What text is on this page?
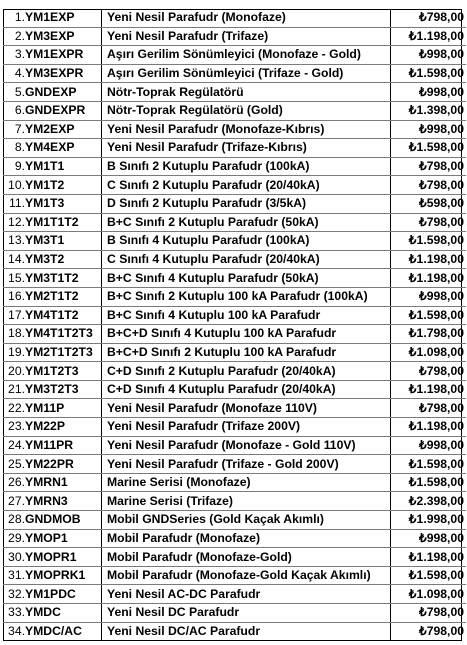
1.	YM1EXP	Yeni Nesil Parafudr (Monofaze)	₺798,00
2.	YM3EXP	Yeni Nesil Parafudr (Trifaze)	₺1.198,00
3.	YM1EXPR	Aşırı Gerilim Sönümleyici (Monofaze - Gold)	₺998,00
4.	YM3EXPR	Aşırı Gerilim Sönümleyici (Trifaze - Gold)	₺1.598,00
5.	GNDEXP	Nötr-Toprak Regülatörü	₺998,00
6.	GNDEXPR	Nötr-Toprak Regülatörü (Gold)	₺1.398,00
7.	YM2EXP	Yeni Nesil Parafudr (Monofaze-Kıbrıs)	₺998,00
8.	YM4EXP	Yeni Nesil Parafudr (Trifaze-Kıbrıs)	₺1.598,00
9.	YM1T1	B Sınıfı 2 Kutuplu Parafudr (100kA)	₺798,00
10.	YM1T2	C Sınıfı 2 Kutuplu Parafudr (20/40kA)	₺798,00
11.	YM1T3	D Sınıfı 2 Kutuplu Parafudr (3/5kA)	₺598,00
12.	YM1T1T2	B+C Sınıfı 2 Kutuplu Parafudr (50kA)	₺798,00
13.	YM3T1	B Sınıfı 4 Kutuplu Parafudr (100kA)	₺1.598,00
14.	YM3T2	C Sınıfı 4 Kutuplu Parafudr (20/40kA)	₺1.198,00
15.	YM3T1T2	B+C Sınıfı 4 Kutuplu Parafudr (50kA)	₺1.198,00
16.	YM2T1T2	B+C Sınıfı 2 Kutuplu 100 kA Parafudr (100kA)	₺998,00
17.	YM4T1T2	B+C Sınıfı 4 Kutuplu 100 kA Parafudr	₺1.598,00
18.	YM4T1T2T3	B+C+D Sınıfı 4 Kutuplu 100 kA Parafudr	₺1.798,00
19.	YM2T1T2T3	B+C+D Sınıfı 2 Kutuplu 100 kA Parafudr	₺1.098,00
20.	YM1T2T3	C+D Sınıfı 2 Kutuplu Parafudr (20/40kA)	₺798,00
21.	YM3T2T3	C+D Sınıfı 4 Kutuplu Parafudr (20/40kA)	₺1.198,00
22.	YM11P	Yeni Nesil Parafudr (Monofaze 110V)	₺798,00
23.	YM22P	Yeni Nesil Parafudr (Trifaze 200V)	₺1.198,00
24.	YM11PR	Yeni Nesil Parafudr (Monofaze - Gold 110V)	₺998,00
25.	YM22PR	Yeni Nesil Parafudr (Trifaze - Gold 200V)	₺1.598,00
26.	YMRN1	Marine Serisi (Monofaze)	₺1.598,00
27.	YMRN3	Marine Serisi (Trifaze)	₺2.398,00
28.	GNDMOB	Mobil GNDSeries (Gold Kaçak Akımlı)	₺1.998,00
29.	YMOP1	Mobil Parafudr (Monofaze)	₺998,00
30.	YMOPR1	Mobil Parafudr (Monofaze-Gold)	₺1.198,00
31.	YMOPRK1	Mobil Parafudr (Monofaze-Gold Kaçak Akımlı)	₺1.598,00
32.	YM1PDC	Yeni Nesil AC-DC Parafudr	₺1.098,00
33.	YMDC	Yeni Nesil DC Parafudr	₺798,00
34.	YMDC/AC	Yeni Nesil DC/AC Parafudr	₺798,00
